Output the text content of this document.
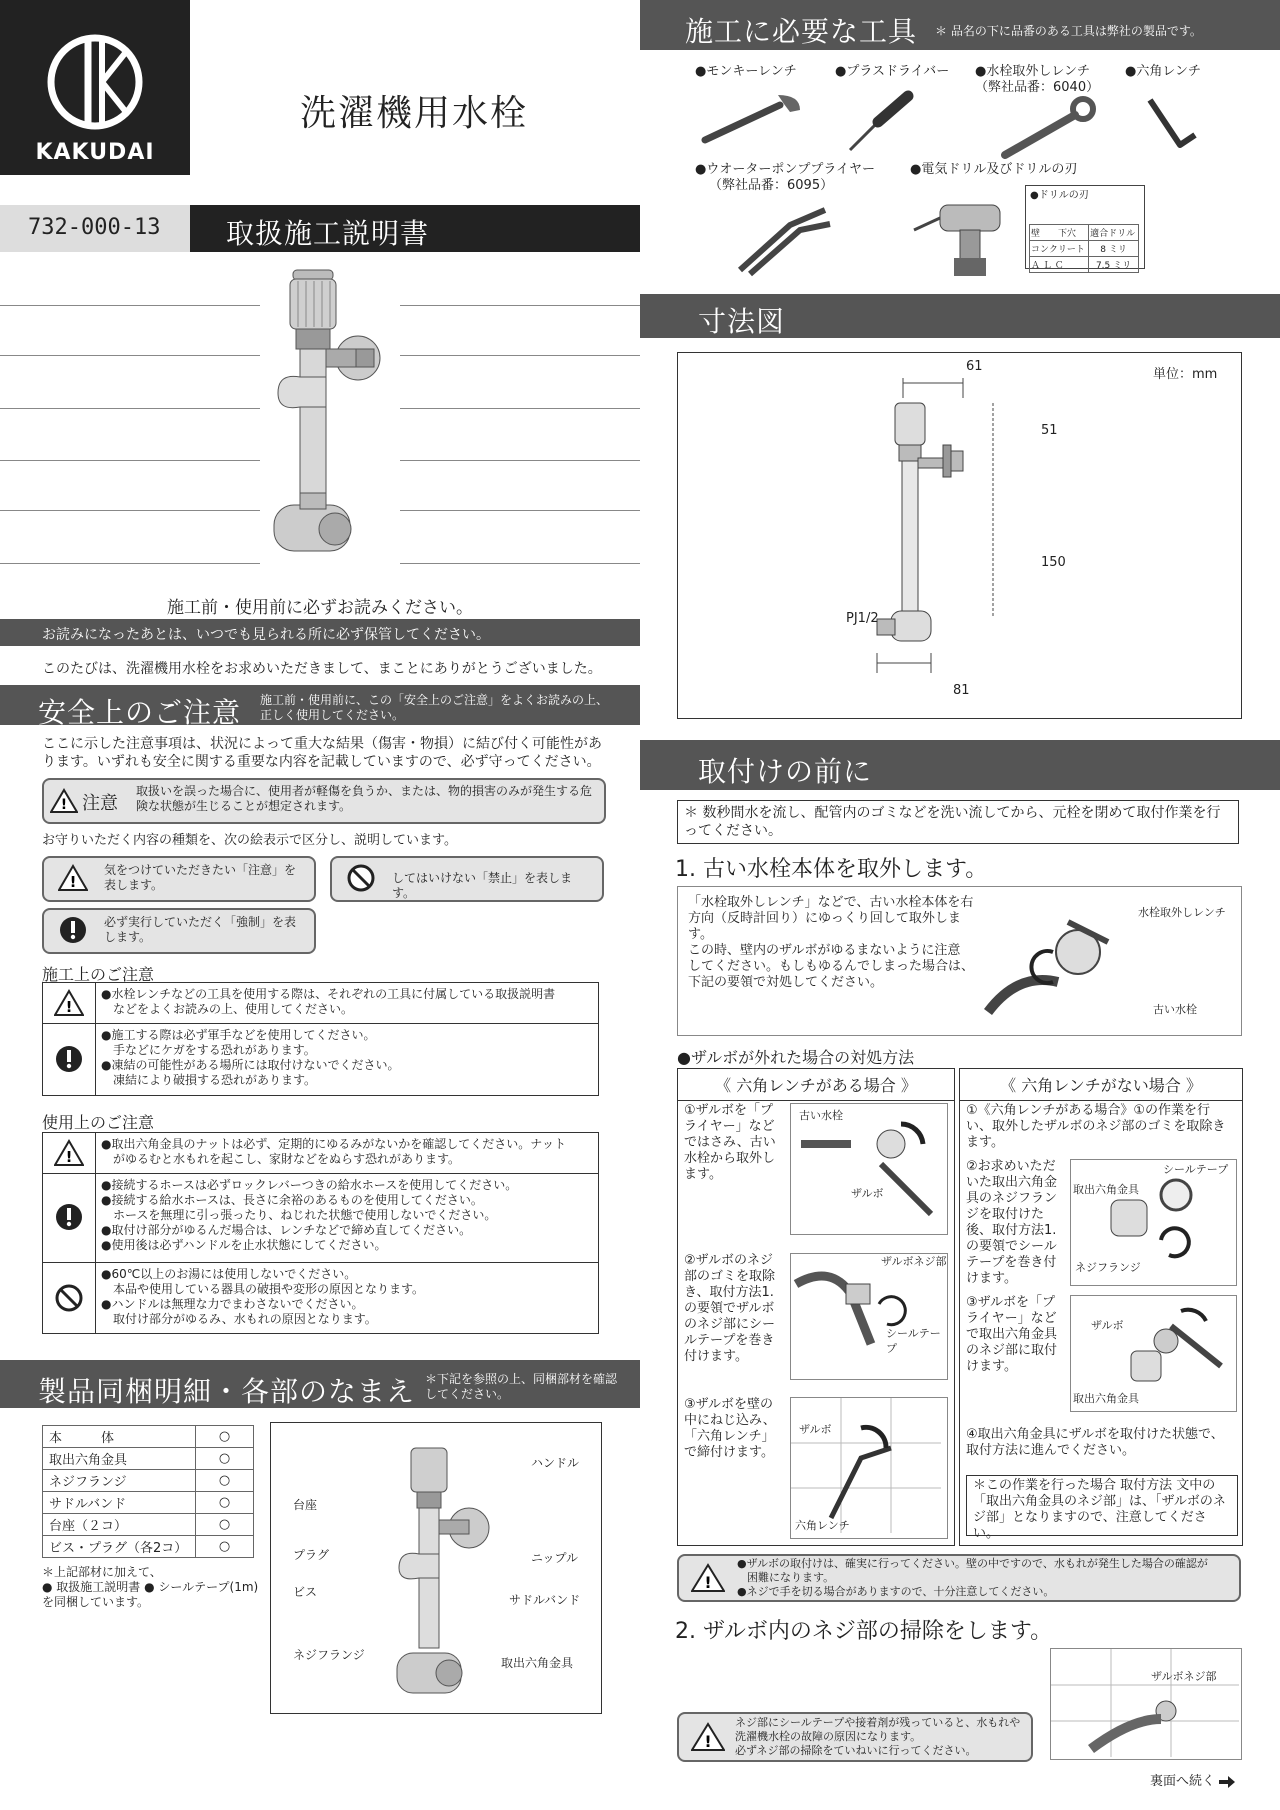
KAKUDAI
洗濯機用水栓
732-000-13 取扱施工説明書
施工前・使用前に必ずお読みください。
お読みになったあとは、いつでも見られる所に必ず保管してください。
このたびは、洗濯機用水栓をお求めいただきまして、まことにありがとうございました。
安全上のご注意 施工前・使用前に、この「安全上のご注意」をよくお読みの上、正しく使用してください。
ここに示した注意事項は、状況によって重大な結果（傷害・物損）に結び付く可能性があります。いずれも安全に関する重要な内容を記載していますので、必ず守ってください。
! 注意
取扱いを誤った場合に、使用者が軽傷を負うか、または、物的損害のみが発生する危険な状態が生じることが想定されます。
お守りいただく内容の種類を、次の絵表示で区分し、説明しています。
!
気をつけていただきたい「注意」を表します。	してはいけない「禁止」を表します。
必ず実行していただく「強制」を表します。
施工上のご注意
!
●水栓レンチなどの工具を使用する際は、それぞれの工具に付属している取扱説明書
などをよくお読みの上、使用してください。
●施工する際は必ず軍手などを使用してください。
手などにケガをする恐れがあります。
●凍結の可能性がある場所には取付けないでください。
凍結により破損する恐れがあります。
使用上のご注意
!
●取出六角金具のナットは必ず、定期的にゆるみがないかを確認してください。ナット
がゆるむと水もれを起こし、家財などをぬらす恐れがあります。
●接続するホースは必ずロックレバーつきの給水ホースを使用してください。
●接続する給水ホースは、長さに余裕のあるものを使用してください。
ホースを無理に引っ張ったり、ねじれた状態で使用しないでください。
●取付け部分がゆるんだ場合は、レンチなどで締め直してください。
●使用後は必ずハンドルを止水状態にしてください。
●60℃以上のお湯には使用しないでください。
本品や使用している器具の破損や変形の原因となります。
●ハンドルは無理な力でまわさないでください。
取付け部分がゆるみ、水もれの原因となります。
製品同梱明細・各部のなまえ ＊下記を参照の上、同梱部材を確認してください。
本　　　体	○
取出六角金具	○
ネジフランジ	○
サドルバンド	○
台座（２コ）	○
ビス・プラグ（各2コ）	○
＊上記部材に加えて、
● 取扱施工説明書 ● シールテープ(1m)
を同梱しています。
ハンドル
台座
プラグ	ニップル
ビス
サドルバンド
ネジフランジ
取出六角金具
施工に必要な工具 ＊ 品名の下に品番のある工具は弊社の製品です。
●モンキーレンチ	●プラスドライバー ●水栓取外しレンチ
（弊社品番：6040）
●六角レンチ
●ウオーターポンププライヤー
（弊社品番：6095）
●電気ドリル及びドリルの刃
●ドリルの刃
壁　　下穴	適合ドリル
コンクリート	8 ミリ
Ａ Ｌ Ｃ	7.5 ミリ
寸法図
単位：mm
61
51
150
81
PJ1/2
取付けの前に
＊ 数秒間水を流し、配管内のゴミなどを洗い流してから、元栓を閉めて取付作業を行ってください。
1. 古い水栓本体を取外します。
「水栓取外しレンチ」などで、古い水栓本体を右
方向（反時計回り）にゆっくり回して取外します。
この時、壁内のザルボがゆるまないように注意
してください。もしもゆるんでしまった場合は、
下記の要領で対処してください。
水栓取外しレンチ
古い水栓
●ザルボが外れた場合の対処方法
《 六角レンチがある場合 》
①ザルボを「プライヤー」などではさみ、古い水栓から取外します。
古い水栓
ザルボ
②ザルボのネジ部のゴミを取除き、取付方法1.の要領でザルボのネジ部にシールテープを巻き付けます。
ザルボネジ部
シールテープ
③ザルボを壁の中にねじ込み、「六角レンチ」で締付けます。
ザルボ
六角レンチ
《 六角レンチがない場合 》
①《六角レンチがある場合》①の作業を行い、取外したザルボのネジ部のゴミを取除きます。
②お求めいただいた取出六角金具のネジフランジを取付けた後、取付方法1.の要領でシールテープを巻き付けます。
取出六角金具
シールテープ
ネジフランジ
③ザルボを「プライヤー」などで取出六角金具のネジ部に取付けます。
ザルボ
取出六角金具
④取出六角金具にザルボを取付けた状態で、取付方法に進んでください。
＊この作業を行った場合 取付方法 文中の「取出六角金具のネジ部」は、「ザルボのネジ部」となりますので、注意してください。
!
●ザルボの取付けは、確実に行ってください。壁の中ですので、水もれが発生した場合の確認が
困難になります。
●ネジで手を切る場合がありますので、十分注意してください。
2. ザルボ内のネジ部の掃除をします。
!
ネジ部にシールテープや接着剤が残っていると、水もれや
洗濯機水栓の故障の原因になります。
必ずネジ部の掃除をていねいに行ってください。
ザルボネジ部
裏面へ続く
